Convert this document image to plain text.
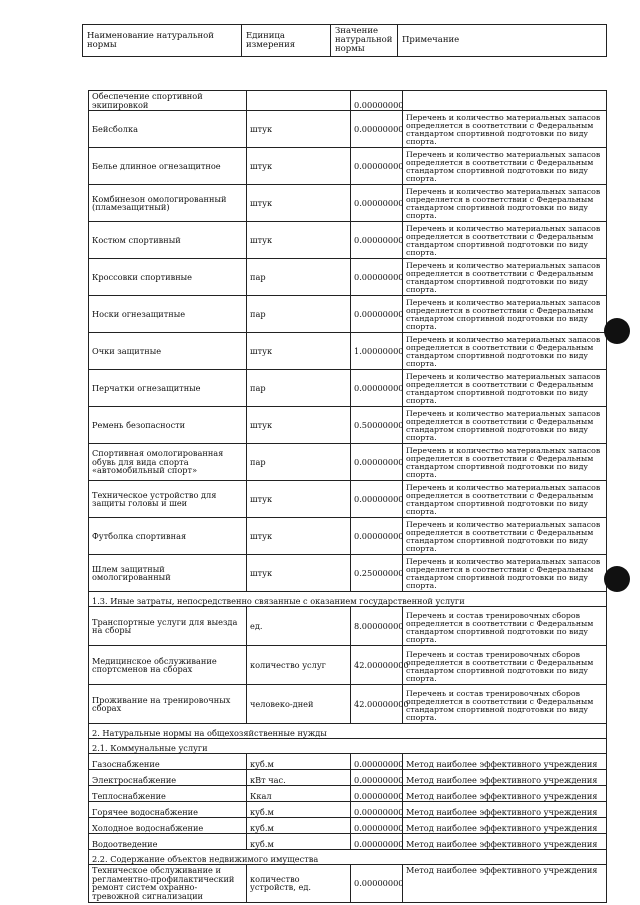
Наименование натуральной нормы	Единица измерения	Значение натуральной нормы	Примечание
Обеспечение спортивной экипировкой		0.00000000	
Бейсболка	штук	0.00000000	Перечень и количество материальных запасов определяется в соответствии с Федеральным стандартом спортивной подготовки по виду спорта.
Белье длинное огнезащитное	штук	0.00000000	Перечень и количество материальных запасов определяется в соответствии с Федеральным стандартом спортивной подготовки по виду спорта.
Комбинезон омологированный (пламезащитный)	штук	0.00000000	Перечень и количество материальных запасов определяется в соответствии с Федеральным стандартом спортивной подготовки по виду спорта.
Костюм спортивный	штук	0.00000000	Перечень и количество материальных запасов определяется в соответствии с Федеральным стандартом спортивной подготовки по виду спорта.
Кроссовки спортивные	пар	0.00000000	Перечень и количество материальных запасов определяется в соответствии с Федеральным стандартом спортивной подготовки по виду спорта.
Носки огнезащитные	пар	0.00000000	Перечень и количество материальных запасов определяется в соответствии с Федеральным стандартом спортивной подготовки по виду спорта.
Очки защитные	штук	1.00000000	Перечень и количество материальных запасов определяется в соответствии с Федеральным стандартом спортивной подготовки по виду спорта.
Перчатки огнезащитные	пар	0.00000000	Перечень и количество материальных запасов определяется в соответствии с Федеральным стандартом спортивной подготовки по виду спорта.
Ремень безопасности	штук	0.50000000	Перечень и количество материальных запасов определяется в соответствии с Федеральным стандартом спортивной подготовки по виду спорта.
Спортивная омологированная обувь для вида спорта «автомобильный спорт»	пар	0.00000000	Перечень и количество материальных запасов определяется в соответствии с Федеральным стандартом спортивной подготовки по виду спорта.
Техническое устройство для защиты головы и шеи	штук	0.00000000	Перечень и количество материальных запасов определяется в соответствии с Федеральным стандартом спортивной подготовки по виду спорта.
Футболка спортивная	штук	0.00000000	Перечень и количество материальных запасов определяется в соответствии с Федеральным стандартом спортивной подготовки по виду спорта.
Шлем защитный омологированный	штук	0.25000000	Перечень и количество материальных запасов определяется в соответствии с Федеральным стандартом спортивной подготовки по виду спорта.
1.3. Иные затраты, непосредственно связанные с оказанием государственной услуги			
Транспортные услуги для выезда на сборы	ед.	8.00000000	Перечень и состав тренировочных сборов определяется в соответствии с Федеральным стандартом спортивной подготовки по виду спорта.
Медицинское обслуживание спортсменов на сборах	количество услуг	42.00000000	Перечень и состав тренировочных сборов определяется в соответствии с Федеральным стандартом спортивной подготовки по виду спорта.
Проживание на тренировочных сборах	человеко-дней	42.00000000	Перечень и состав тренировочных сборов определяется в соответствии с Федеральным стандартом спортивной подготовки по виду спорта.
2. Натуральные нормы на общехозяйственные нужды			
2.1. Коммунальные услуги			
Газоснабжение	куб.м	0.00000000	Метод наиболее эффективного учреждения
Электроснабжение	кВт час.	0.00000000	Метод наиболее эффективного учреждения
Теплоснабжение	Ккал	0.00000000	Метод наиболее эффективного учреждения
Горячее водоснабжение	куб.м	0.00000000	Метод наиболее эффективного учреждения
Холодное водоснабжение	куб.м	0.00000000	Метод наиболее эффективного учреждения
Водоотведение	куб.м	0.00000000	Метод наиболее эффективного учреждения
2.2. Содержание объектов недвижимого имущества			
Техническое обслуживание и регламентно-профилактический ремонт систем охранно-тревожной сигнализации	количество устройств, ед.	0.00000000	Метод наиболее эффективного учреждения
